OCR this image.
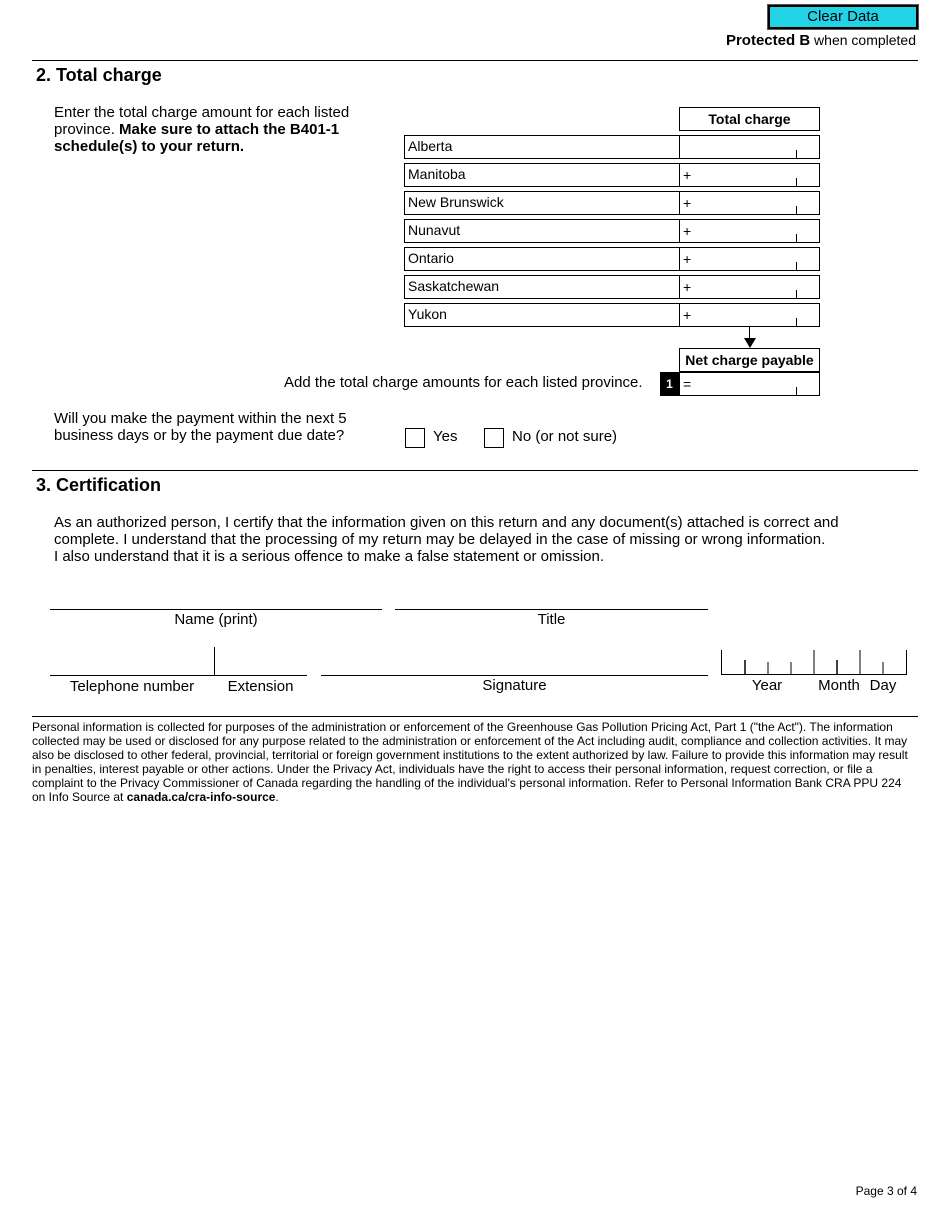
Clear Data
Protected B when completed
2. Total charge
Enter the total charge amount for each listed province. Make sure to attach the B401-1 schedule(s) to your return.
Total charge
Alberta
Manitoba	+
New Brunswick	+
Nunavut	+
Ontario	+
Saskatchewan	+
Yukon	+
Net charge payable
Add the total charge amounts for each listed province.	1 =
Will you make the payment within the next 5 business days or by the payment due date?	Yes	No (or not sure)
3. Certification
As an authorized person, I certify that the information given on this return and any document(s) attached is correct and complete. I understand that the processing of my return may be delayed in the case of missing or wrong information.
I also understand that it is a serious offence to make a false statement or omission.
Name (print)	Title
Telephone number	Extension	Signature	Year	Month Day
Personal information is collected for purposes of the administration or enforcement of the Greenhouse Gas Pollution Pricing Act, Part 1 ("the Act"). The information collected may be used or disclosed for any purpose related to the administration or enforcement of the Act including audit, compliance and collection activities. It may also be disclosed to other federal, provincial, territorial or foreign government institutions to the extent authorized by law. Failure to provide this information may result in penalties, interest payable or other actions. Under the Privacy Act, individuals have the right to access their personal information, request correction, or file a complaint to the Privacy Commissioner of Canada regarding the handling of the individual's personal information. Refer to Personal Information Bank CRA PPU 224 on Info Source at canada.ca/cra-info-source.
Page 3 of 4
